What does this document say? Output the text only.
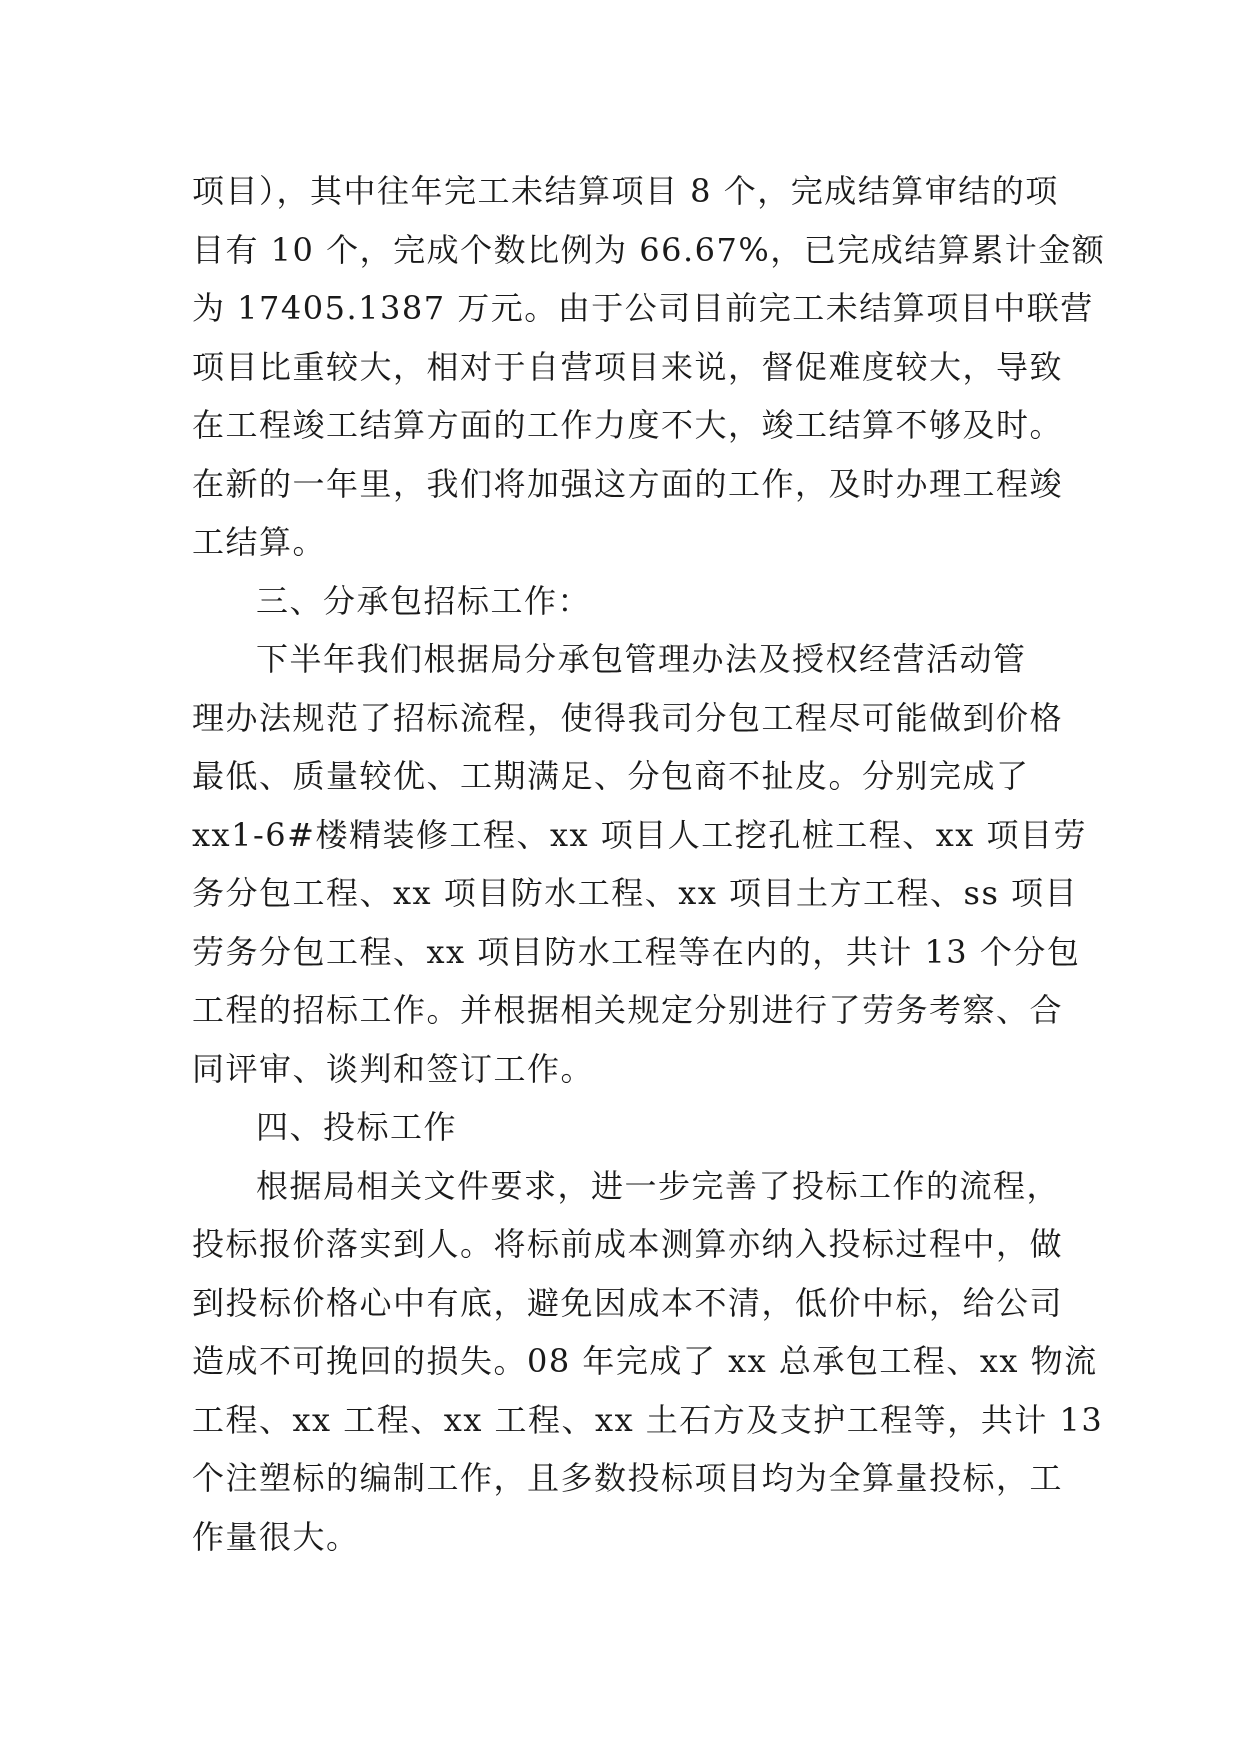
项目），其中往年完工未结算项目 8 个，完成结算审结的项
目有 10 个，完成个数比例为 66.67%，已完成结算累计金额
为 17405.1387 万元。由于公司目前完工未结算项目中联营
项目比重较大，相对于自营项目来说，督促难度较大，导致
在工程竣工结算方面的工作力度不大，竣工结算不够及时。
在新的一年里，我们将加强这方面的工作，及时办理工程竣
工结算。
三、分承包招标工作：
下半年我们根据局分承包管理办法及授权经营活动管
理办法规范了招标流程，使得我司分包工程尽可能做到价格
最低、质量较优、工期满足、分包商不扯皮。分别完成了
xx1-6#楼精装修工程、xx 项目人工挖孔桩工程、xx 项目劳
务分包工程、xx 项目防水工程、xx 项目土方工程、ss 项目
劳务分包工程、xx 项目防水工程等在内的，共计 13 个分包
工程的招标工作。并根据相关规定分别进行了劳务考察、合
同评审、谈判和签订工作。
四、投标工作
根据局相关文件要求，进一步完善了投标工作的流程，
投标报价落实到人。将标前成本测算亦纳入投标过程中，做
到投标价格心中有底，避免因成本不清，低价中标，给公司
造成不可挽回的损失。08 年完成了 xx 总承包工程、xx 物流
工程、xx 工程、xx 工程、xx 土石方及支护工程等，共计 13
个注塑标的编制工作，且多数投标项目均为全算量投标，工
作量很大。
